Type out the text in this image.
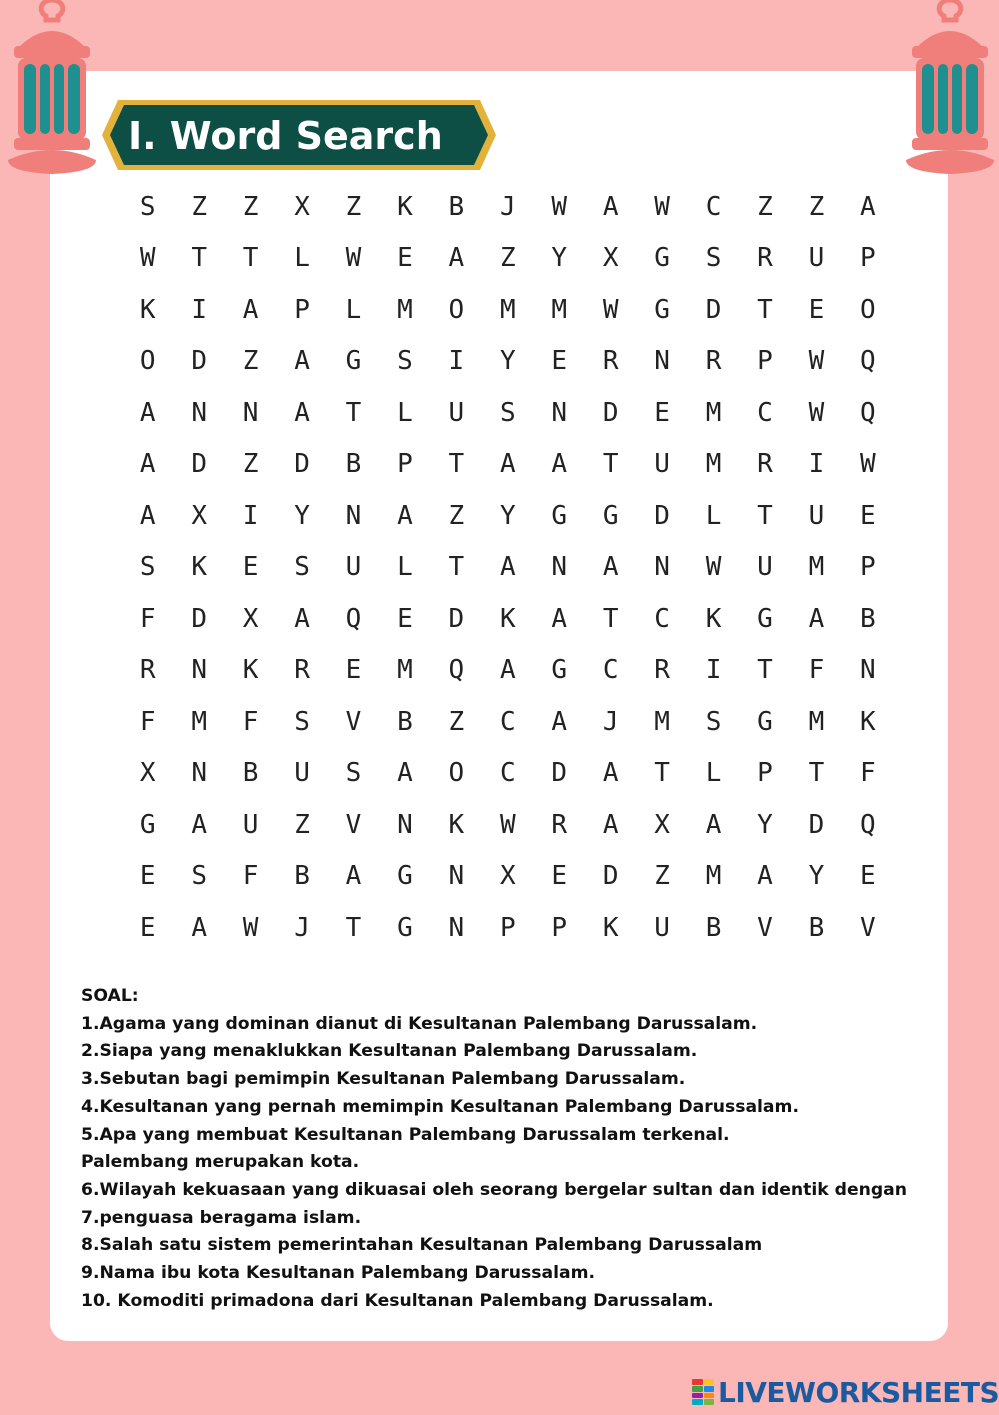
I. Word Search
S	Z	Z	X	Z	K	B	J	W	A	W	C	Z	Z	A
W	T	T	L	W	E	A	Z	Y	X	G	S	R	U	P
K	I	A	P	L	M	O	M	M	W	G	D	T	E	O
O	D	Z	A	G	S	I	Y	E	R	N	R	P	W	Q
A	N	N	A	T	L	U	S	N	D	E	M	C	W	Q
A	D	Z	D	B	P	T	A	A	T	U	M	R	I	W
A	X	I	Y	N	A	Z	Y	G	G	D	L	T	U	E
S	K	E	S	U	L	T	A	N	A	N	W	U	M	P
F	D	X	A	Q	E	D	K	A	T	C	K	G	A	B
R	N	K	R	E	M	Q	A	G	C	R	I	T	F	N
F	M	F	S	V	B	Z	C	A	J	M	S	G	M	K
X	N	B	U	S	A	O	C	D	A	T	L	P	T	F
G	A	U	Z	V	N	K	W	R	A	X	A	Y	D	Q
E	S	F	B	A	G	N	X	E	D	Z	M	A	Y	E
E	A	W	J	T	G	N	P	P	K	U	B	V	B	V
SOAL:
1.Agama yang dominan dianut di Kesultanan Palembang Darussalam.
2.Siapa yang menaklukkan Kesultanan Palembang Darussalam.
3.Sebutan bagi pemimpin Kesultanan Palembang Darussalam.
4.Kesultanan yang pernah memimpin Kesultanan Palembang Darussalam.
5.Apa yang membuat Kesultanan Palembang Darussalam terkenal.
Palembang merupakan kota.
6.Wilayah kekuasaan yang dikuasai oleh seorang bergelar sultan dan identik dengan
7.penguasa beragama islam.
8.Salah satu sistem pemerintahan Kesultanan Palembang Darussalam
9.Nama ibu kota Kesultanan Palembang Darussalam.
10. Komoditi primadona dari Kesultanan Palembang Darussalam.
LIVEWORKSHEETS
